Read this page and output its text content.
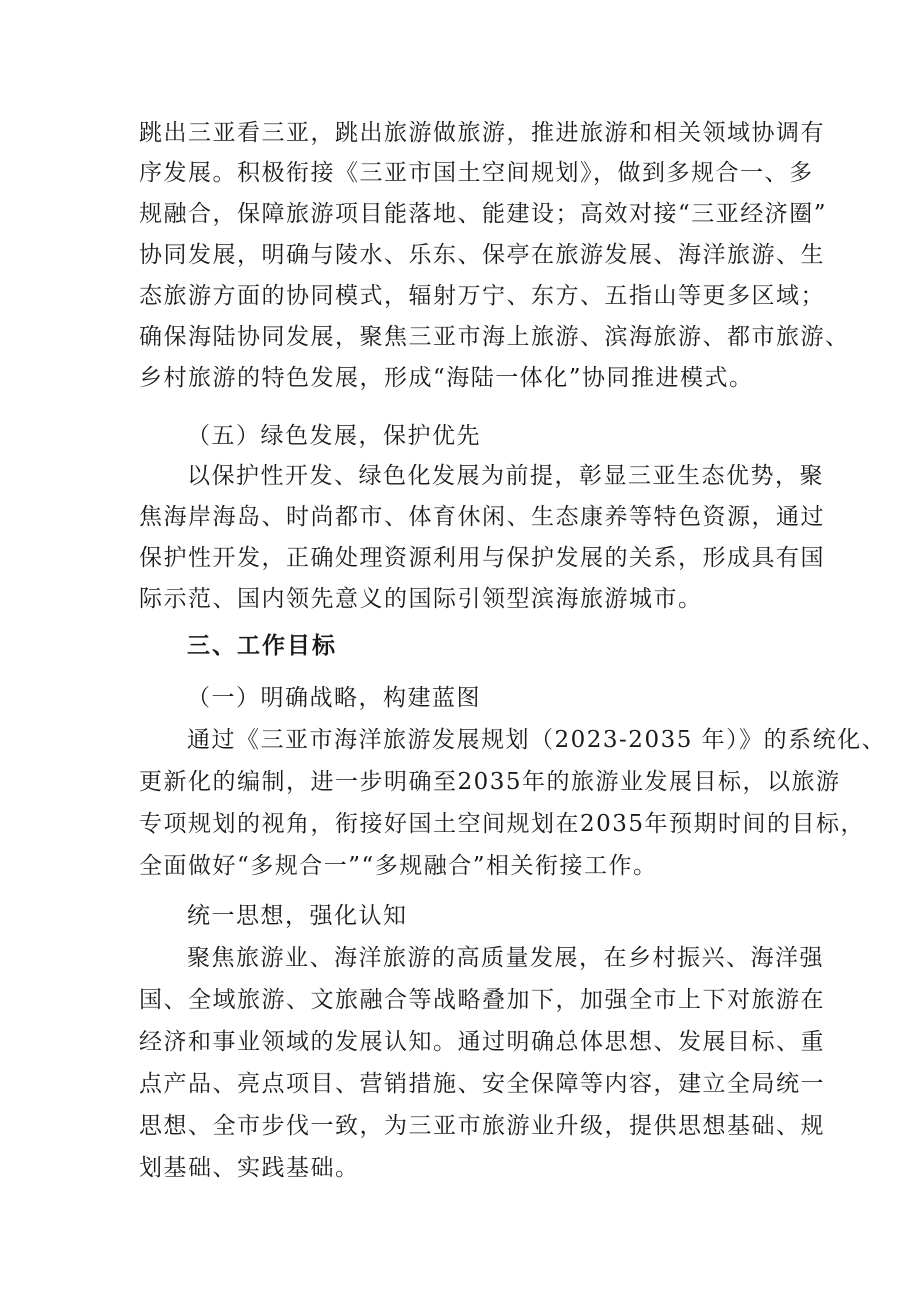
跳出三亚看三亚，跳出旅游做旅游，推进旅游和相关领域协调有
序发展。积极衔接《三亚市国土空间规划》，做到多规合一、多
规融合，保障旅游项目能落地、能建设；高效对接“三亚经济圈”
协同发展，明确与陵水、乐东、保亭在旅游发展、海洋旅游、生
态旅游方面的协同模式，辐射万宁、东方、五指山等更多区域；
确保海陆协同发展，聚焦三亚市海上旅游、滨海旅游、都市旅游、
乡村旅游的特色发展，形成“海陆一体化”协同推进模式。
（五）绿色发展，保护优先
以保护性开发、绿色化发展为前提，彰显三亚生态优势，聚
焦海岸海岛、时尚都市、体育休闲、生态康养等特色资源，通过
保护性开发，正确处理资源利用与保护发展的关系，形成具有国
际示范、国内领先意义的国际引领型滨海旅游城市。
三、工作目标
（一）明确战略，构建蓝图
通过《三亚市海洋旅游发展规划（2023-2035 年）》的系统化、
更新化的编制，进一步明确至2035年的旅游业发展目标，以旅游
专项规划的视角，衔接好国土空间规划在2035年预期时间的目标，
全面做好“多规合一”“多规融合”相关衔接工作。
统一思想，强化认知
聚焦旅游业、海洋旅游的高质量发展，在乡村振兴、海洋强
国、全域旅游、文旅融合等战略叠加下，加强全市上下对旅游在
经济和事业领域的发展认知。通过明确总体思想、发展目标、重
点产品、亮点项目、营销措施、安全保障等内容，建立全局统一
思想、全市步伐一致，为三亚市旅游业升级，提供思想基础、规
划基础、实践基础。
